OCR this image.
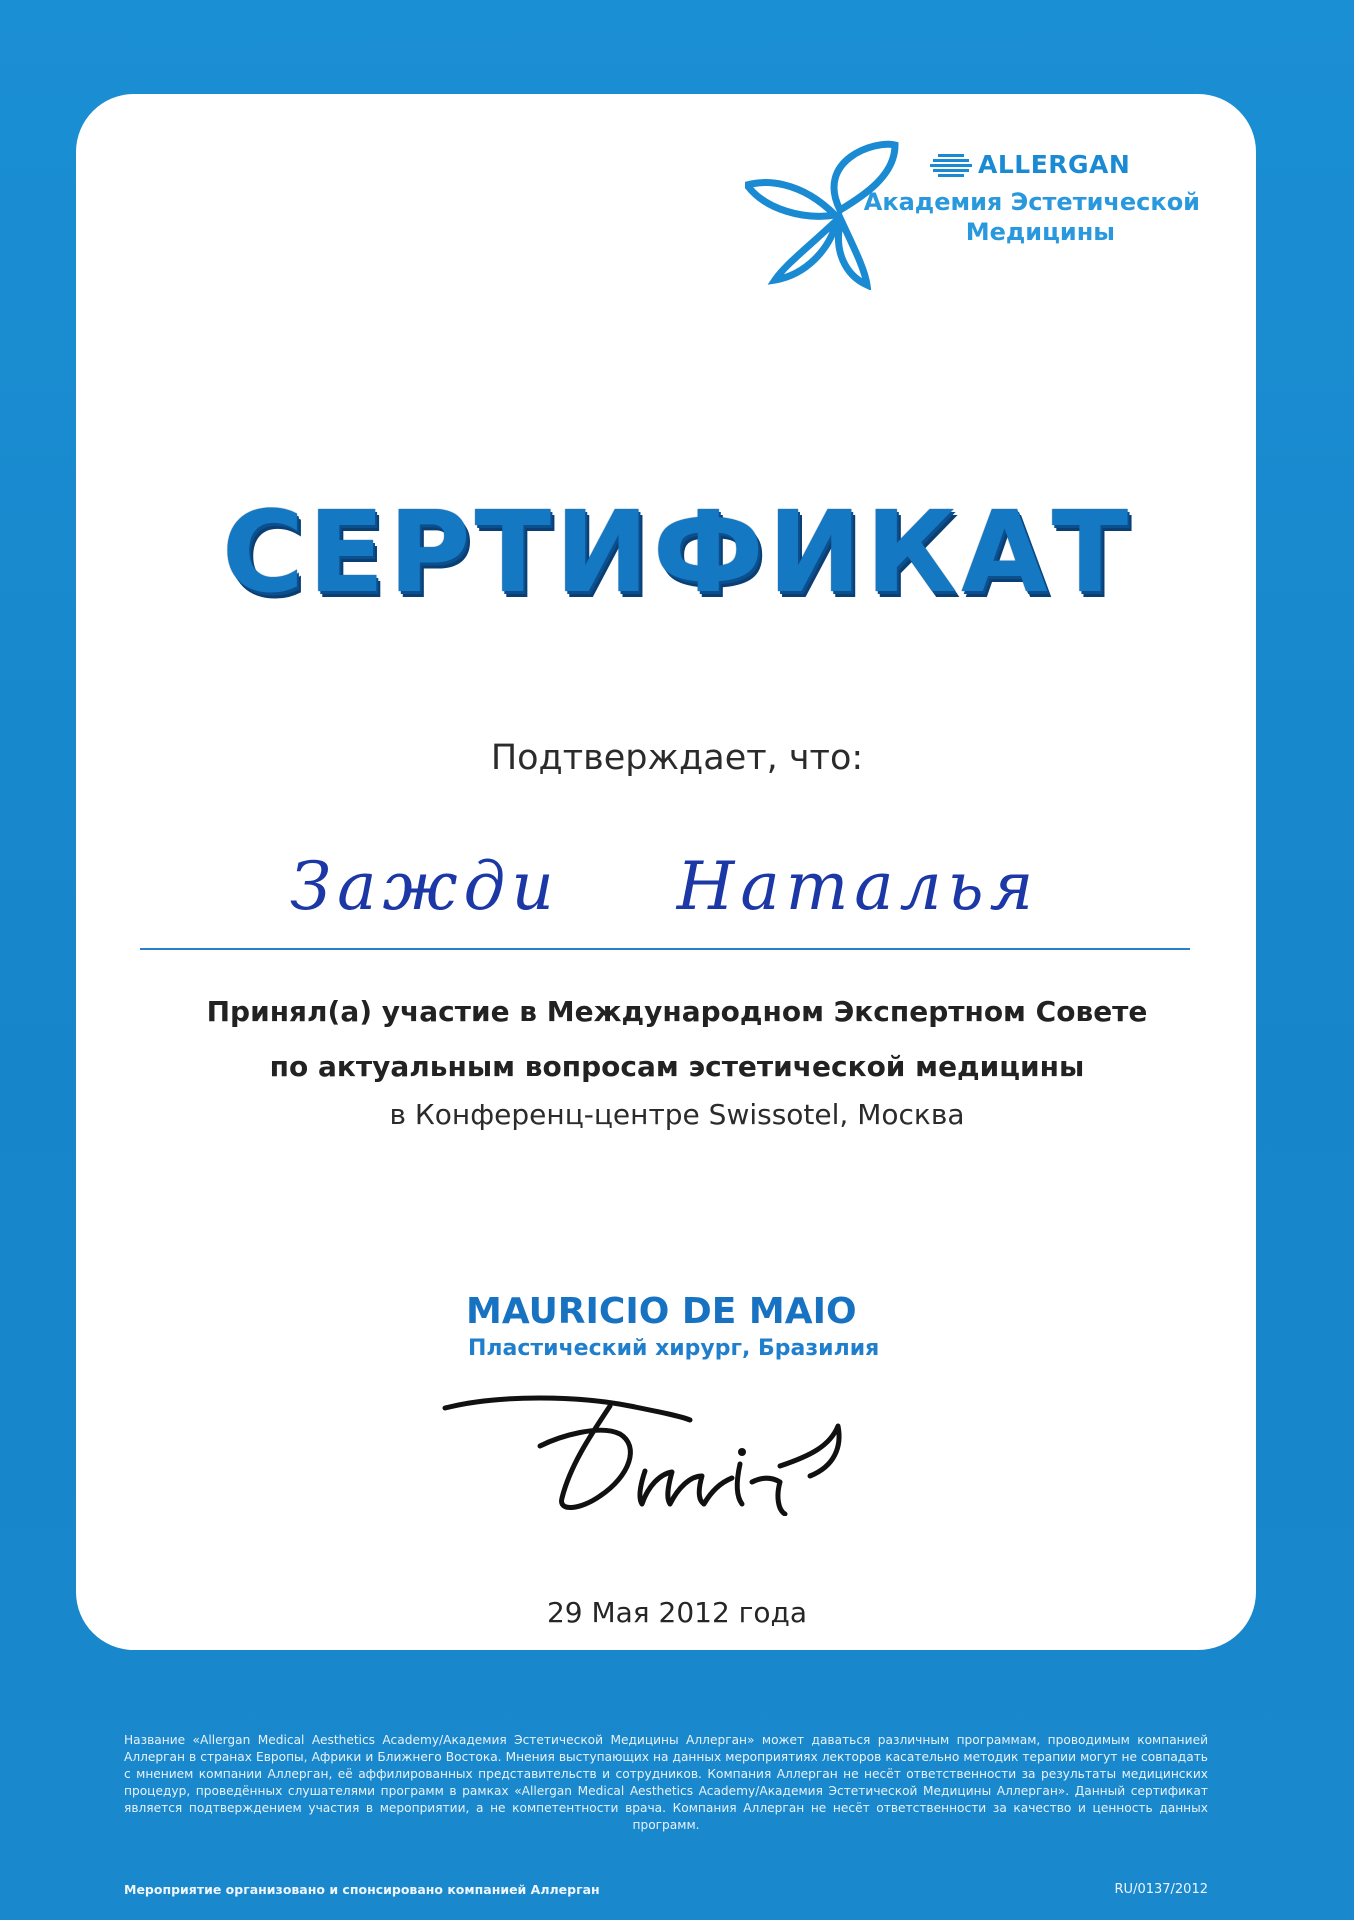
ALLERGAN
Академия Эстетической
Медицины
СЕРТИФИКАТ
Подтверждает, что:
Зажди Наталья
Принял(а) участие в Международном Экспертном Совете
по актуальным вопросам эстетической медицины
в Конференц-центре Swissotel, Москва
MAURICIO DE MAIO
Пластический хирург, Бразилия
29 Мая 2012 года
Название «Allergan Medical Aesthetics Academy/Академия Эстетической Медицины Аллерган» может даваться различным программам, проводимым компанией Аллерган в странах Европы, Африки и Ближнего Востока. Мнения выступающих на данных мероприятиях лекторов касательно методик терапии могут не совпадать с мнением компании Аллерган, её аффилированных представительств и сотрудников. Компания Аллерган не несёт ответственности за результаты медицинских процедур, проведённых слушателями программ в рамках «Allergan Medical Aesthetics Academy/Академия Эстетической Медицины Аллерган». Данный сертификат является подтверждением участия в мероприятии, а не компетентности врача. Компания Аллерган не несёт ответственности за качество и ценность данных программ.
Мероприятие организовано и спонсировано компанией Аллерган	RU/0137/2012
